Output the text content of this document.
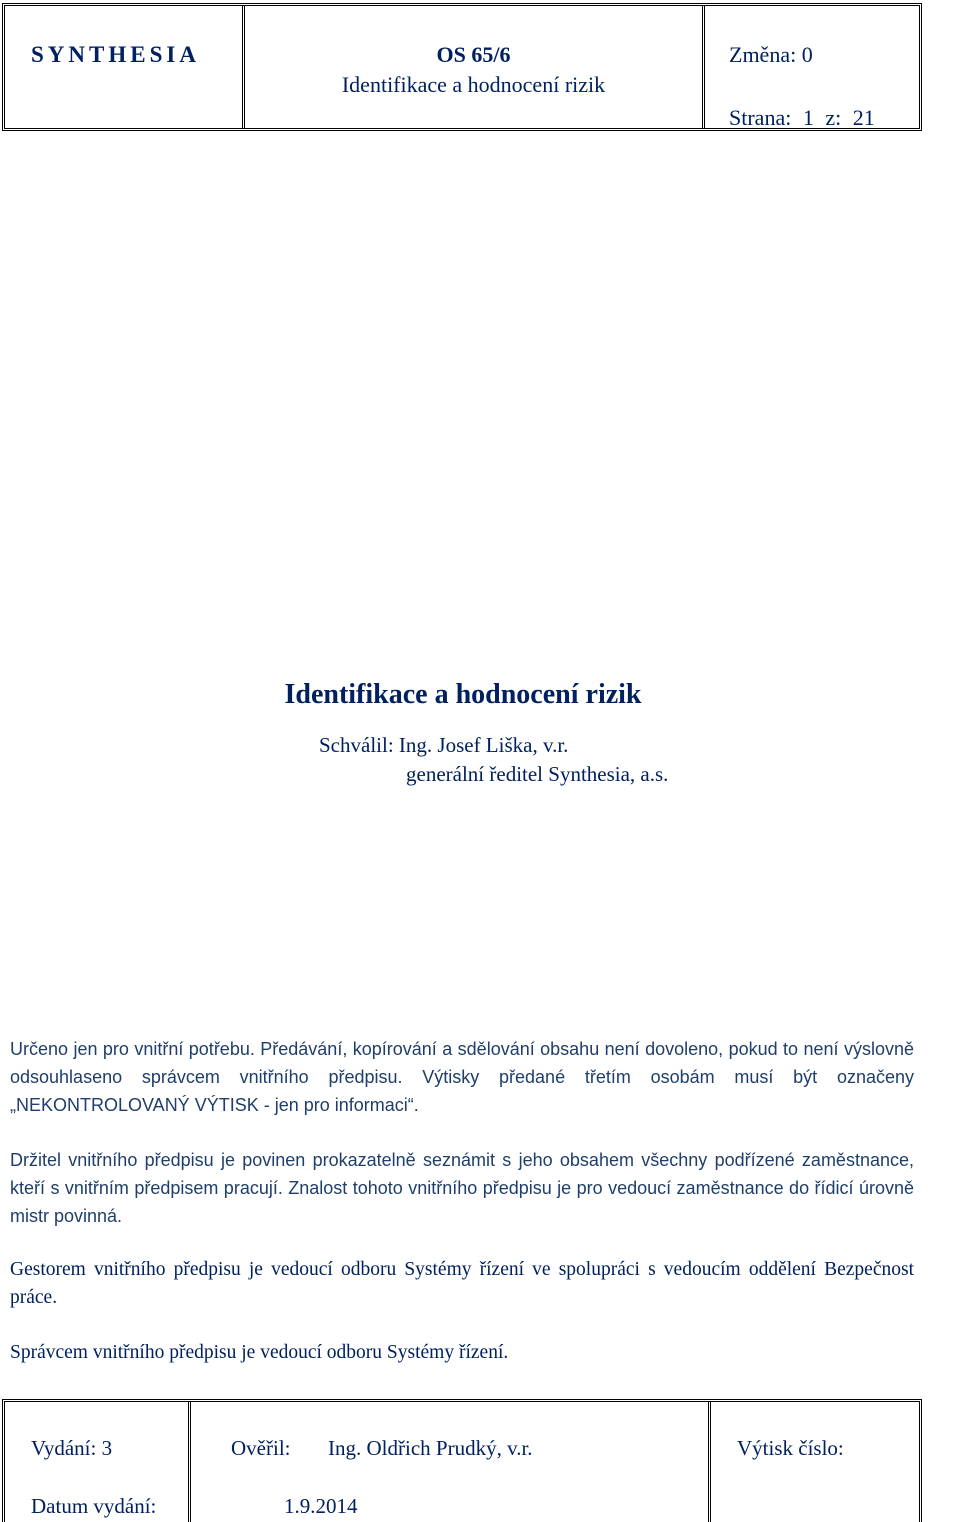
SYNTHESIA	OS 65/6
Identifikace a hodnocení rizik
Změna: 0
Strana: 1 z: 21
Identifikace a hodnocení rizik
Schválil: Ing. Josef Liška, v.r.
generální ředitel Synthesia, a.s.

Určeno jen pro vnitřní potřebu. Předávání, kopírování a sdělování obsahu není dovoleno, pokud to není výslovně odsouhlaseno správcem vnitřního předpisu. Výtisky předané třetím osobám musí být označeny „NEKONTROLOVANÝ VÝTISK - jen pro informaci“.

Držitel vnitřního předpisu je povinen prokazatelně seznámit s jeho obsahem všechny podřízené zaměstnance, kteří s vnitřním předpisem pracují. Znalost tohoto vnitřního předpisu je pro vedoucí zaměstnance do řídicí úrovně mistr povinná.

Gestorem vnitřního předpisu je vedoucí odboru Systémy řízení ve spolupráci s vedoucím oddělení Bezpečnost práce.

Správcem vnitřního předpisu je vedoucí odboru Systémy řízení.

Vydání: 3
Datum vydání:
Ověřil: Ing. Oldřich Prudký, v.r.
1.9.2014
Výtisk číslo:
